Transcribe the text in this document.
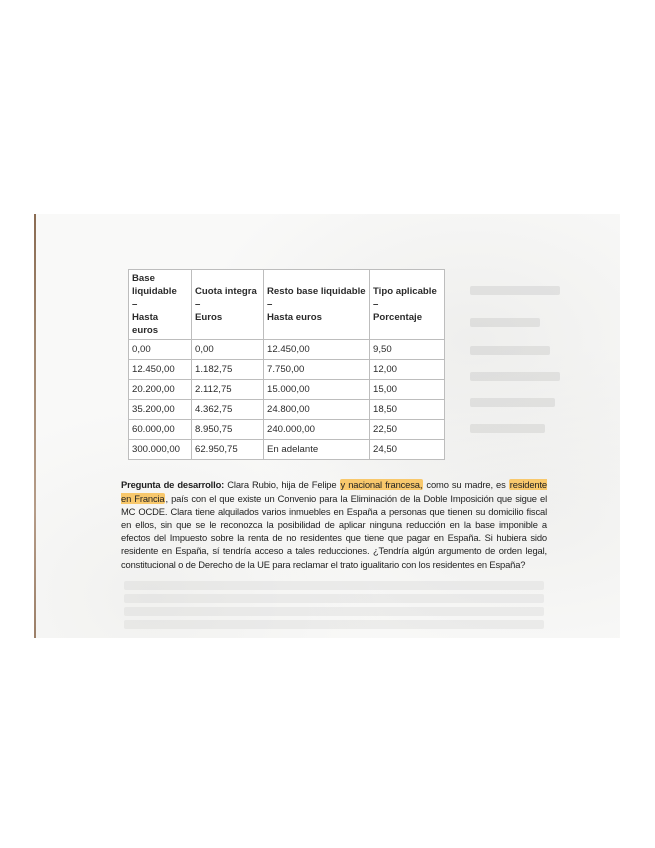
Base
liquidable
–
Hasta
euros	Cuota integra
–
Euros	Resto base liquidable
–
Hasta euros	Tipo aplicable
–
Porcentaje

0,00	0,00	12.450,00	9,50
12.450,00	1.182,75	7.750,00	12,00
20.200,00	2.112,75	15.000,00	15,00
35.200,00	4.362,75	24.800,00	18,50
60.000,00	8.950,75	240.000,00	22,50
300.000,00	62.950,75	En adelante	24,50

Pregunta de desarrollo: Clara Rubio, hija de Felipe y nacional francesa, como su madre, es residente en Francia, país con el que existe un Convenio para la Eliminación de la Doble Imposición que sigue el MC OCDE. Clara tiene alquilados varios inmuebles en España a personas que tienen su domicilio fiscal en ellos, sin que se le reconozca la posibilidad de aplicar ninguna reducción en la base imponible a efectos del Impuesto sobre la renta de no residentes que tiene que pagar en España. Si hubiera sido residente en España, sí tendría acceso a tales reducciones. ¿Tendría algún argumento de orden legal, constitucional o de Derecho de la UE para reclamar el trato igualitario con los residentes en España?
